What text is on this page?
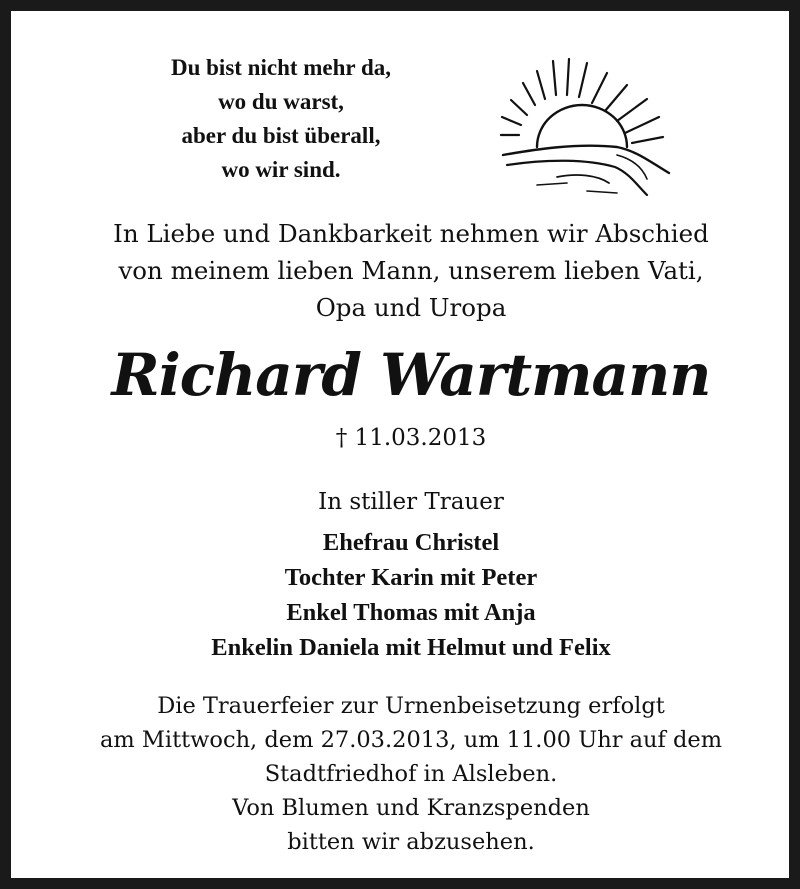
Du bist nicht mehr da,
wo du warst,
aber du bist überall,
wo wir sind.
In Liebe und Dankbarkeit nehmen wir Abschied
von meinem lieben Mann, unserem lieben Vati,
Opa und Uropa
Richard Wartmann
† 11.03.2013
In stiller Trauer
Ehefrau Christel
Tochter Karin mit Peter
Enkel Thomas mit Anja
Enkelin Daniela mit Helmut und Felix
Die Trauerfeier zur Urnenbeisetzung erfolgt
am Mittwoch, dem 27.03.2013, um 11.00 Uhr auf dem
Stadtfriedhof in Alsleben.
Von Blumen und Kranzspenden
bitten wir abzusehen.
